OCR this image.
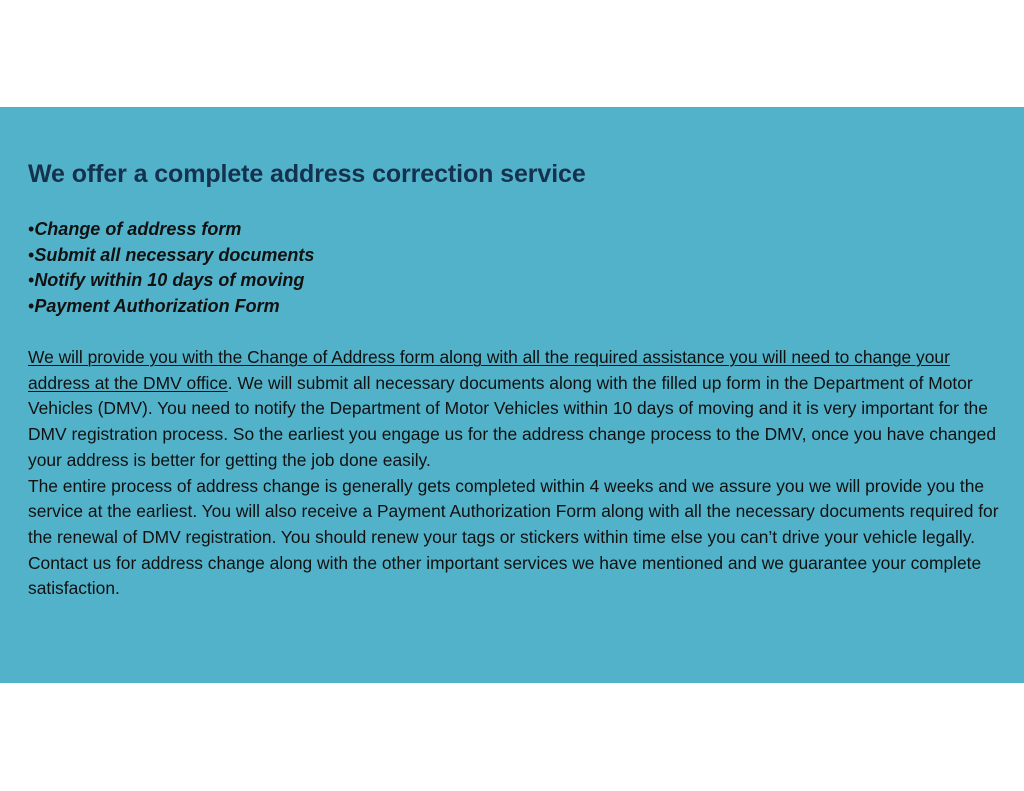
We offer a complete address correction service
•Change of address form
•Submit all necessary documents
•Notify within 10 days of moving
•Payment Authorization Form

We will provide you with the Change of Address form along with all the required assistance you will need to change your address at the DMV office. We will submit all necessary documents along with the filled up form in the Department of Motor Vehicles (DMV). You need to notify the Department of Motor Vehicles within 10 days of moving and it is very important for the DMV registration process. So the earliest you engage us for the address change process to the DMV, once you have changed your address is better for getting the job done easily.

The entire process of address change is generally gets completed within 4 weeks and we assure you we will provide you the service at the earliest. You will also receive a Payment Authorization Form along with all the necessary documents required for the renewal of DMV registration. You should renew your tags or stickers within time else you can’t drive your vehicle legally. Contact us for address change along with the other important services we have mentioned and we guarantee your complete satisfaction.
